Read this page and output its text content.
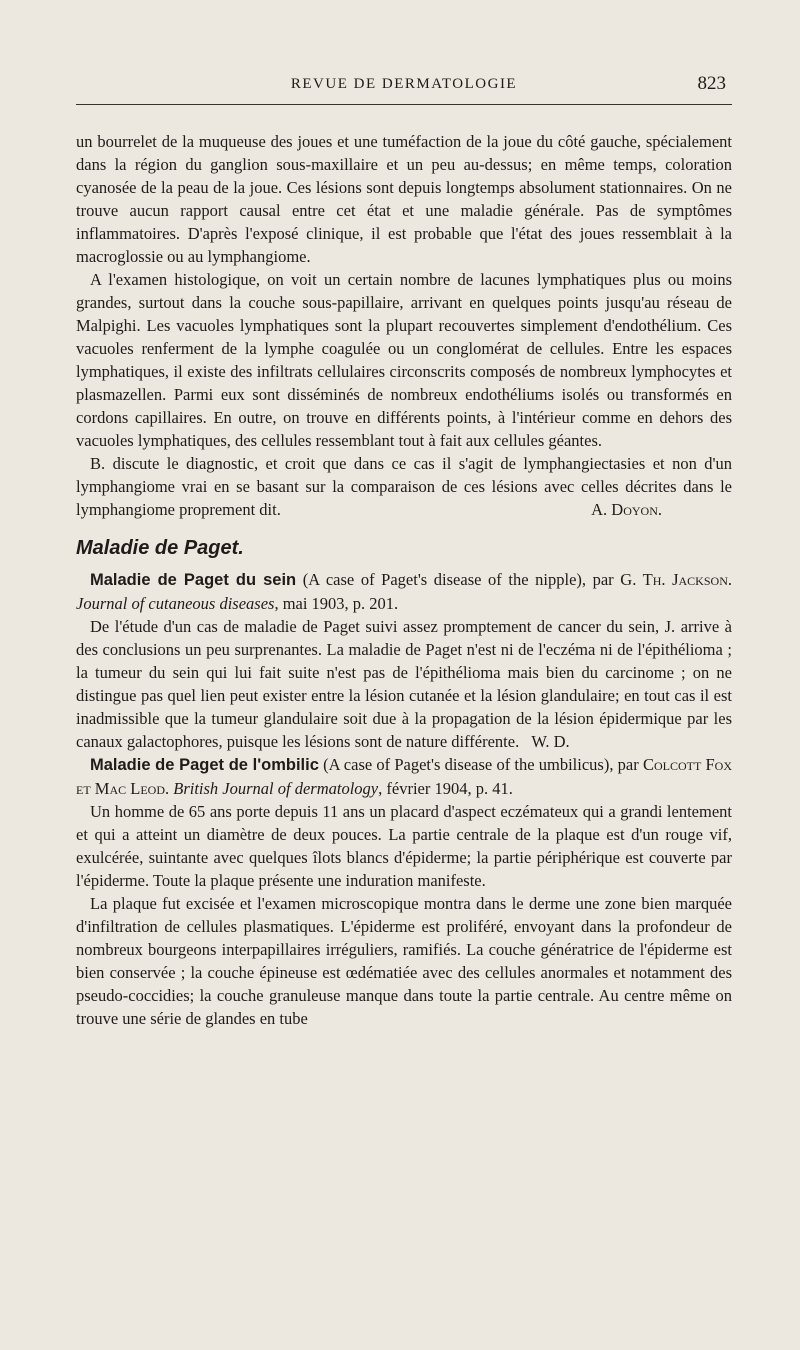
REVUE DE DERMATOLOGIE	823

un bourrelet de la muqueuse des joues et une tuméfaction de la joue du côté gauche, spécialement dans la région du ganglion sous-maxillaire et un peu au-dessus; en même temps, coloration cyanosée de la peau de la joue. Ces lésions sont depuis longtemps absolument stationnaires. On ne trouve aucun rapport causal entre cet état et une maladie générale. Pas de symptômes inflammatoires. D'après l'exposé clinique, il est probable que l'état des joues ressemblait à la macroglossie ou au lymphangiome.

A l'examen histologique, on voit un certain nombre de lacunes lymphatiques plus ou moins grandes, surtout dans la couche sous-papillaire, arrivant en quelques points jusqu'au réseau de Malpighi. Les vacuoles lymphatiques sont la plupart recouvertes simplement d'endothélium. Ces vacuoles renferment de la lymphe coagulée ou un conglomérat de cellules. Entre les espaces lymphatiques, il existe des infiltrats cellulaires circonscrits composés de nombreux lymphocytes et plasmazellen. Parmi eux sont disséminés de nombreux endothéliums isolés ou transformés en cordons capillaires. En outre, on trouve en différents points, à l'intérieur comme en dehors des vacuoles lymphatiques, des cellules ressemblant tout à fait aux cellules géantes.

B. discute le diagnostic, et croit que dans ce cas il s'agit de lymphangiectasies et non d'un lymphangiome vrai en se basant sur la comparaison de ces lésions avec celles décrites dans le lymphangiome proprement dit.	A. Doyon.
Maladie de Paget.

Maladie de Paget du sein (A case of Paget's disease of the nipple), par G. Th. Jackson. Journal of cutaneous diseases, mai 1903, p. 201.

De l'étude d'un cas de maladie de Paget suivi assez promptement de cancer du sein, J. arrive à des conclusions un peu surprenantes. La maladie de Paget n'est ni de l'eczéma ni de l'épithélioma ; la tumeur du sein qui lui fait suite n'est pas de l'épithélioma mais bien du carcinome ; on ne distingue pas quel lien peut exister entre la lésion cutanée et la lésion glandulaire; en tout cas il est inadmissible que la tumeur glandulaire soit due à la propagation de la lésion épidermique par les canaux galactophores, puisque les lésions sont de nature différente. W. D.

Maladie de Paget de l'ombilic (A case of Paget's disease of the umbilicus), par Colcott Fox et Mac Leod. British Journal of dermatology, février 1904, p. 41.

Un homme de 65 ans porte depuis 11 ans un placard d'aspect eczémateux qui a grandi lentement et qui a atteint un diamètre de deux pouces. La partie centrale de la plaque est d'un rouge vif, exulcérée, suintante avec quelques îlots blancs d'épiderme; la partie périphérique est couverte par l'épiderme. Toute la plaque présente une induration manifeste.

La plaque fut excisée et l'examen microscopique montra dans le derme une zone bien marquée d'infiltration de cellules plasmatiques. L'épiderme est proliféré, envoyant dans la profondeur de nombreux bourgeons interpapillaires irréguliers, ramifiés. La couche génératrice de l'épiderme est bien conservée ; la couche épineuse est œdématiée avec des cellules anormales et notamment des pseudo-coccidies; la couche granuleuse manque dans toute la partie centrale. Au centre même on trouve une série de glandes en tube
